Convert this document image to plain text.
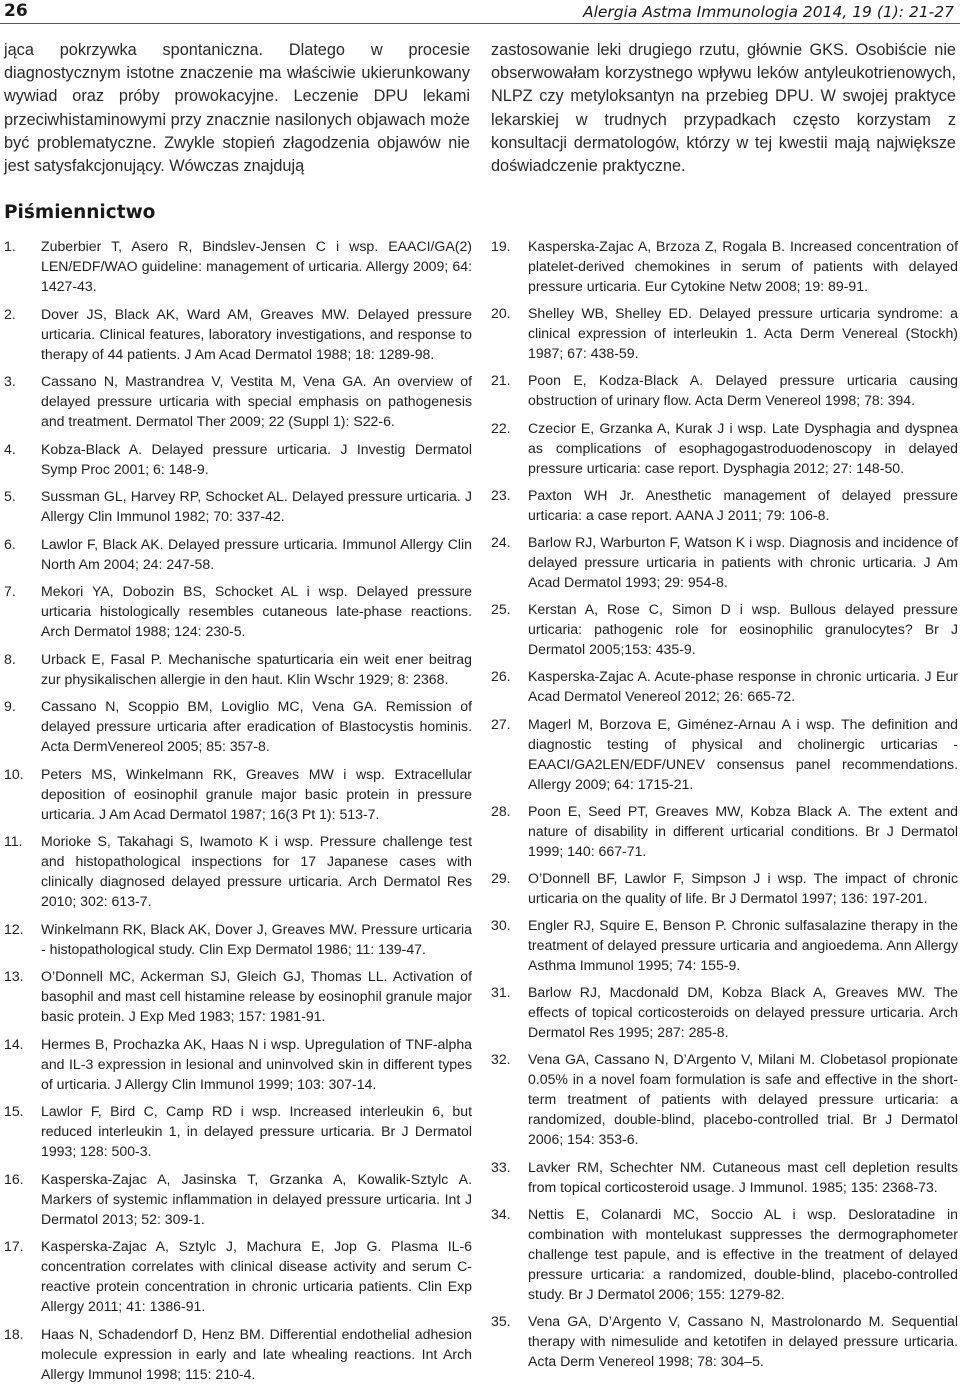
26	Alergia Astma Immunologia 2014, 19 (1): 21-27

jąca pokrzywka spontaniczna. Dlatego w procesie diagnostycznym istotne znaczenie ma właściwie ukierunkowany wywiad oraz próby prowokacyjne. Leczenie DPU lekami przeciwhistaminowymi przy znacznie nasilonych objawach może być problematyczne. Zwykle stopień złagodzenia objawów nie jest satysfakcjonujący. Wówczas znajdują

zastosowanie leki drugiego rzutu, głównie GKS. Osobiście nie obserwowałam korzystnego wpływu leków antyleukotrienowych, NLPZ czy metyloksantyn na przebieg DPU. W swojej praktyce lekarskiej w trudnych przypadkach często korzystam z konsultacji dermatologów, którzy w tej kwestii mają największe doświadczenie praktyczne.

Piśmiennictwo
1. Zuberbier T, Asero R, Bindslev-Jensen C i wsp. EAACI/GA(2) LEN/EDF/WAO guideline: management of urticaria. Allergy 2009; 64: 1427-43.
2. Dover JS, Black AK, Ward AM, Greaves MW. Delayed pressure urticaria. Clinical features, laboratory investigations, and response to therapy of 44 patients. J Am Acad Dermatol 1988; 18: 1289-98.
3. Cassano N, Mastrandrea V, Vestita M, Vena GA. An overview of delayed pressure urticaria with special emphasis on pathogenesis and treatment. Dermatol Ther 2009; 22 (Suppl 1): S22-6.
4. Kobza-Black A. Delayed pressure urticaria. J Investig Dermatol Symp Proc 2001; 6: 148-9.
5. Sussman GL, Harvey RP, Schocket AL. Delayed pressure urticaria. J Allergy Clin Immunol 1982; 70: 337-42.
6. Lawlor F, Black AK. Delayed pressure urticaria. Immunol Allergy Clin North Am 2004; 24: 247-58.
7. Mekori YA, Dobozin BS, Schocket AL i wsp. Delayed pressure urticaria histologically resembles cutaneous late-phase reactions. Arch Dermatol 1988; 124: 230-5.
8. Urback E, Fasal P. Mechanische spaturticaria ein weit ener beitrag zur physikalischen allergie in den haut. Klin Wschr 1929; 8: 2368.
9. Cassano N, Scoppio BM, Loviglio MC, Vena GA. Remission of delayed pressure urticaria after eradication of Blastocystis hominis. Acta DermVenereol 2005; 85: 357-8.
10. Peters MS, Winkelmann RK, Greaves MW i wsp. Extracellular deposition of eosinophil granule major basic protein in pressure urticaria. J Am Acad Dermatol 1987; 16(3 Pt 1): 513-7.
11. Morioke S, Takahagi S, Iwamoto K i wsp. Pressure challenge test and histopathological inspections for 17 Japanese cases with clinically diagnosed delayed pressure urticaria. Arch Dermatol Res 2010; 302: 613-7.
12. Winkelmann RK, Black AK, Dover J, Greaves MW. Pressure urticaria - histopathological study. Clin Exp Dermatol 1986; 11: 139-47.
13. O’Donnell MC, Ackerman SJ, Gleich GJ, Thomas LL. Activation of basophil and mast cell histamine release by eosinophil granule major basic protein. J Exp Med 1983; 157: 1981-91.
14. Hermes B, Prochazka AK, Haas N i wsp. Upregulation of TNF-alpha and IL-3 expression in lesional and uninvolved skin in different types of urticaria. J Allergy Clin Immunol 1999; 103: 307-14.
15. Lawlor F, Bird C, Camp RD i wsp. Increased interleukin 6, but reduced interleukin 1, in delayed pressure urticaria. Br J Dermatol 1993; 128: 500-3.
16. Kasperska-Zajac A, Jasinska T, Grzanka A, Kowalik-Sztylc A. Markers of systemic inflammation in delayed pressure urticaria. Int J Dermatol 2013; 52: 309-1.
17. Kasperska-Zajac A, Sztylc J, Machura E, Jop G. Plasma IL-6 concentration correlates with clinical disease activity and serum C-reactive protein concentration in chronic urticaria patients. Clin Exp Allergy 2011; 41: 1386-91.
18. Haas N, Schadendorf D, Henz BM. Differential endothelial adhesion molecule expression in early and late whealing reactions. Int Arch Allergy Immunol 1998; 115: 210-4.
19. Kasperska-Zajac A, Brzoza Z, Rogala B. Increased concentration of platelet-derived chemokines in serum of patients with delayed pressure urticaria. Eur Cytokine Netw 2008; 19: 89-91.
20. Shelley WB, Shelley ED. Delayed pressure urticaria syndrome: a clinical expression of interleukin 1. Acta Derm Venereal (Stockh) 1987; 67: 438-59.
21. Poon E, Kodza-Black A. Delayed pressure urticaria causing obstruction of urinary flow. Acta Derm Venereol 1998; 78: 394.
22. Czecior E, Grzanka A, Kurak J i wsp. Late Dysphagia and dyspnea as complications of esophagogastroduodenoscopy in delayed pressure urticaria: case report. Dysphagia 2012; 27: 148-50.
23. Paxton WH Jr. Anesthetic management of delayed pressure urticaria: a case report. AANA J 2011; 79: 106-8.
24. Barlow RJ, Warburton F, Watson K i wsp. Diagnosis and incidence of delayed pressure urticaria in patients with chronic urticaria. J Am Acad Dermatol 1993; 29: 954-8.
25. Kerstan A, Rose C, Simon D i wsp. Bullous delayed pressure urticaria: pathogenic role for eosinophilic granulocytes? Br J Dermatol 2005;153: 435-9.
26. Kasperska-Zajac A. Acute-phase response in chronic urticaria. J Eur Acad Dermatol Venereol 2012; 26: 665-72.
27. Magerl M, Borzova E, Giménez-Arnau A i wsp. The definition and diagnostic testing of physical and cholinergic urticarias - EAACI/GA2LEN/EDF/UNEV consensus panel recommendations. Allergy 2009; 64: 1715-21.
28. Poon E, Seed PT, Greaves MW, Kobza Black A. The extent and nature of disability in different urticarial conditions. Br J Dermatol 1999; 140: 667-71.
29. O’Donnell BF, Lawlor F, Simpson J i wsp. The impact of chronic urticaria on the quality of life. Br J Dermatol 1997; 136: 197-201.
30. Engler RJ, Squire E, Benson P. Chronic sulfasalazine therapy in the treatment of delayed pressure urticaria and angioedema. Ann Allergy Asthma Immunol 1995; 74: 155-9.
31. Barlow RJ, Macdonald DM, Kobza Black A, Greaves MW. The effects of topical corticosteroids on delayed pressure urticaria. Arch Dermatol Res 1995; 287: 285-8.
32. Vena GA, Cassano N, D’Argento V, Milani M. Clobetasol propionate 0.05% in a novel foam formulation is safe and effective in the short-term treatment of patients with delayed pressure urticaria: a randomized, double-blind, placebo-controlled trial. Br J Dermatol 2006; 154: 353-6.
33. Lavker RM, Schechter NM. Cutaneous mast cell depletion results from topical corticosteroid usage. J Immunol. 1985; 135: 2368-73.
34. Nettis E, Colanardi MC, Soccio AL i wsp. Desloratadine in combination with montelukast suppresses the dermographometer challenge test papule, and is effective in the treatment of delayed pressure urticaria: a randomized, double-blind, placebo-controlled study. Br J Dermatol 2006; 155: 1279-82.
35. Vena GA, D’Argento V, Cassano N, Mastrolonardo M. Sequential therapy with nimesulide and ketotifen in delayed pressure urticaria. Acta Derm Venereol 1998; 78: 304–5.
